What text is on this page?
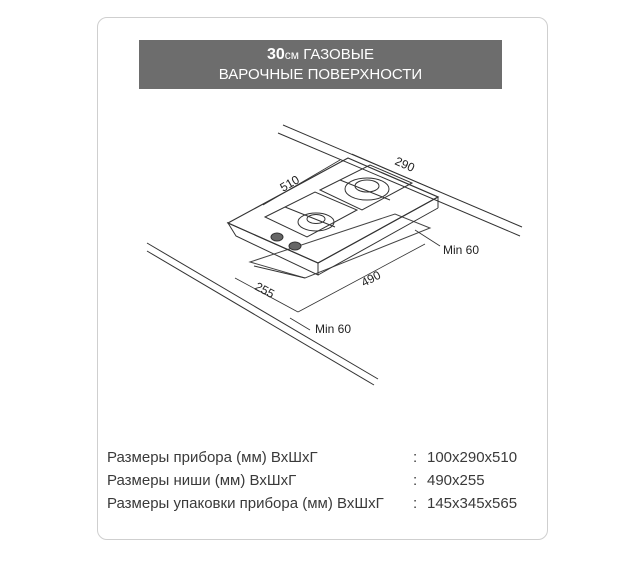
30см ГАЗОВЫЕ
ВАРОЧНЫЕ ПОВЕРХНОСТИ
510
290
490
255
Min 60
Min 60
Размеры прибора (мм) ВхШхГ	: 100x290x510
Размеры ниши (мм) ВхШхГ	: 490x255
Размеры упаковки прибора (мм) ВхШхГ	: 145x345x565
